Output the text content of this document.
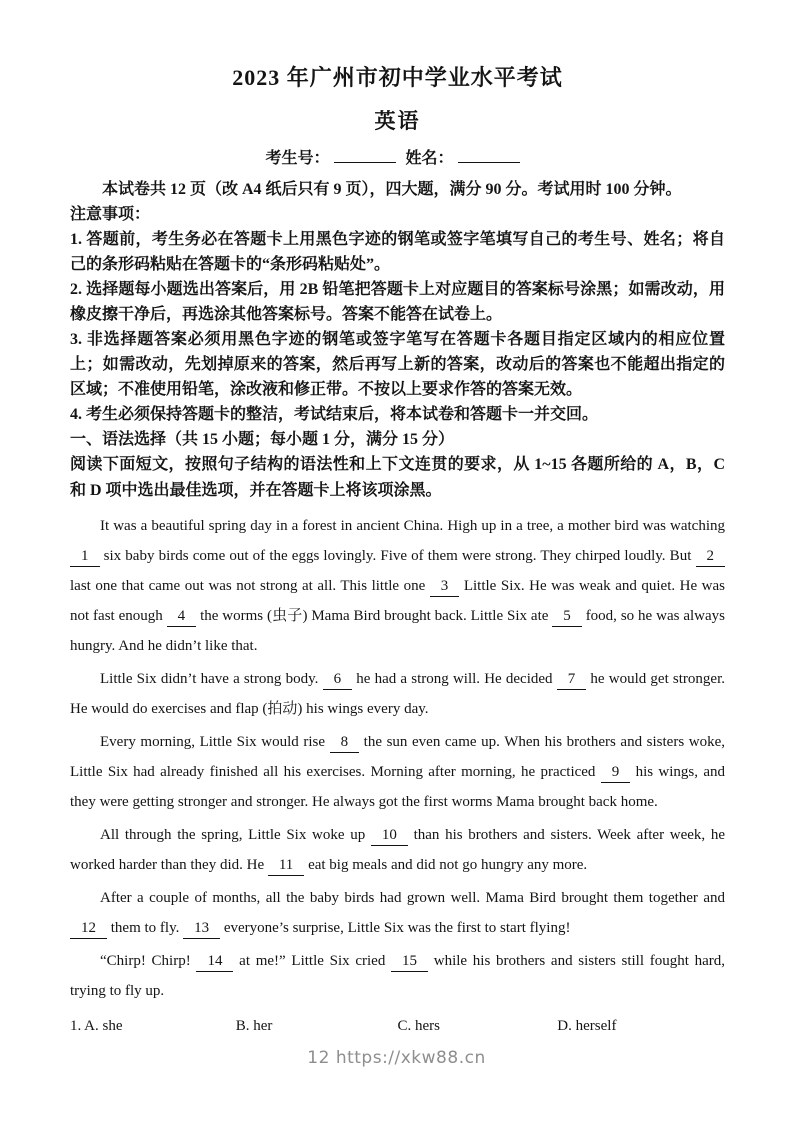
2023 年广州市初中学业水平考试
英语
考生号：	姓名：

本试卷共 12 页（改 A4 纸后只有 9 页），四大题，满分 90 分。考试用时 100 分钟。

注意事项：

1. 答题前，考生务必在答题卡上用黑色字迹的钢笔或签字笔填写自己的考生号、姓名；将自己的条形码粘贴在答题卡的“条形码粘贴处”。

2. 选择题每小题选出答案后，用 2B 铅笔把答题卡上对应题目的答案标号涂黑；如需改动，用橡皮擦干净后，再选涂其他答案标号。答案不能答在试卷上。

3. 非选择题答案必须用黑色字迹的钢笔或签字笔写在答题卡各题目指定区域内的相应位置上；如需改动，先划掉原来的答案，然后再写上新的答案，改动后的答案也不能超出指定的区域；不准使用铅笔，涂改液和修正带。不按以上要求作答的答案无效。

4. 考生必须保持答题卡的整洁，考试结束后，将本试卷和答题卡一并交回。

一、语法选择（共 15 小题；每小题 1 分，满分 15 分）

阅读下面短文，按照句子结构的语法性和上下文连贯的要求，从 1~15 各题所给的 A，B，C 和 D 项中选出最佳选项，并在答题卡上将该项涂黑。

It was a beautiful spring day in a forest in ancient China. High up in a tree, a mother bird was watching 1 six baby birds come out of the eggs lovingly. Five of them were strong. They chirped loudly. But 2 last one that came out was not strong at all. This little one 3 Little Six. He was weak and quiet. He was not fast enough 4 the worms (虫子) Mama Bird brought back. Little Six ate 5 food, so he was always hungry. And he didn’t like that.

Little Six didn’t have a strong body. 6 he had a strong will. He decided 7 he would get stronger. He would do exercises and flap (拍动) his wings every day.

Every morning, Little Six would rise 8 the sun even came up. When his brothers and sisters woke, Little Six had already finished all his exercises. Morning after morning, he practiced 9 his wings, and they were getting stronger and stronger. He always got the first worms Mama brought back home.

All through the spring, Little Six woke up 10 than his brothers and sisters. Week after week, he worked harder than they did. He 11 eat big meals and did not go hungry any more.

After a couple of months, all the baby birds had grown well. Mama Bird brought them together and 12 them to fly. 13 everyone’s surprise, Little Six was the first to start flying!

“Chirp! Chirp! 14 at me!” Little Six cried 15 while his brothers and sisters still fought hard, trying to fly up.

1. A. she	B. her	C. hers	D. herself
12 https://xkw88.cn
